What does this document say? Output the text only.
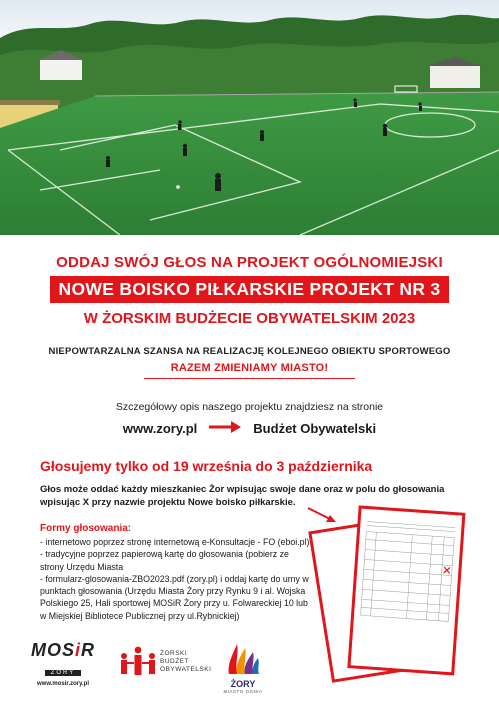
ODDAJ SWÓJ GŁOS NA PROJEKT OGÓLNOMIEJSKI
NOWE BOISKO PIŁKARSKIE PROJEKT NR 3
W ŻORSKIM BUDŻECIE OBYWATELSKIM 2023
NIEPOWTARZALNA SZANSA NA REALIZACJĘ KOLEJNEGO OBIEKTU SPORTOWEGO
RAZEM ZMIENIAMY MIASTO!
Szczegółowy opis naszego projektu znajdziesz na stronie
www.zory.pl	Budżet Obywatelski
Głosujemy tylko od 19 września do 3 października
Głos może oddać każdy mieszkaniec Żor wpisując swoje dane oraz w polu do głosowania wpisując X przy nazwie projektu Nowe boisko piłkarskie.
Formy głosowania:
- internetowo poprzez stronę internetową e-Konsultacje - FO (eboi.pl)
- tradycyjne poprzez papierową kartę do głosowania (pobierz ze strony Urzędu Miasta
- formularz-glosowania-ZBO2023.pdf (zory.pl) i oddaj kartę do urny w punktach głosowania (Urzędu Miasta Żory przy Rynku 9 i al. Wojska Polskiego 25, Hali sportowej MOSiR Żory przy u. Folwareckiej 10 lub w Miejskiej Bibliotece Publicznej przy ul.Rybnickiej)
MOSiR
ŻORY
www.mosir.zory.pl
ŻORSKI
BUDŻET
OBYWATELSKI
ŻORY
MIASTO OGNIA
